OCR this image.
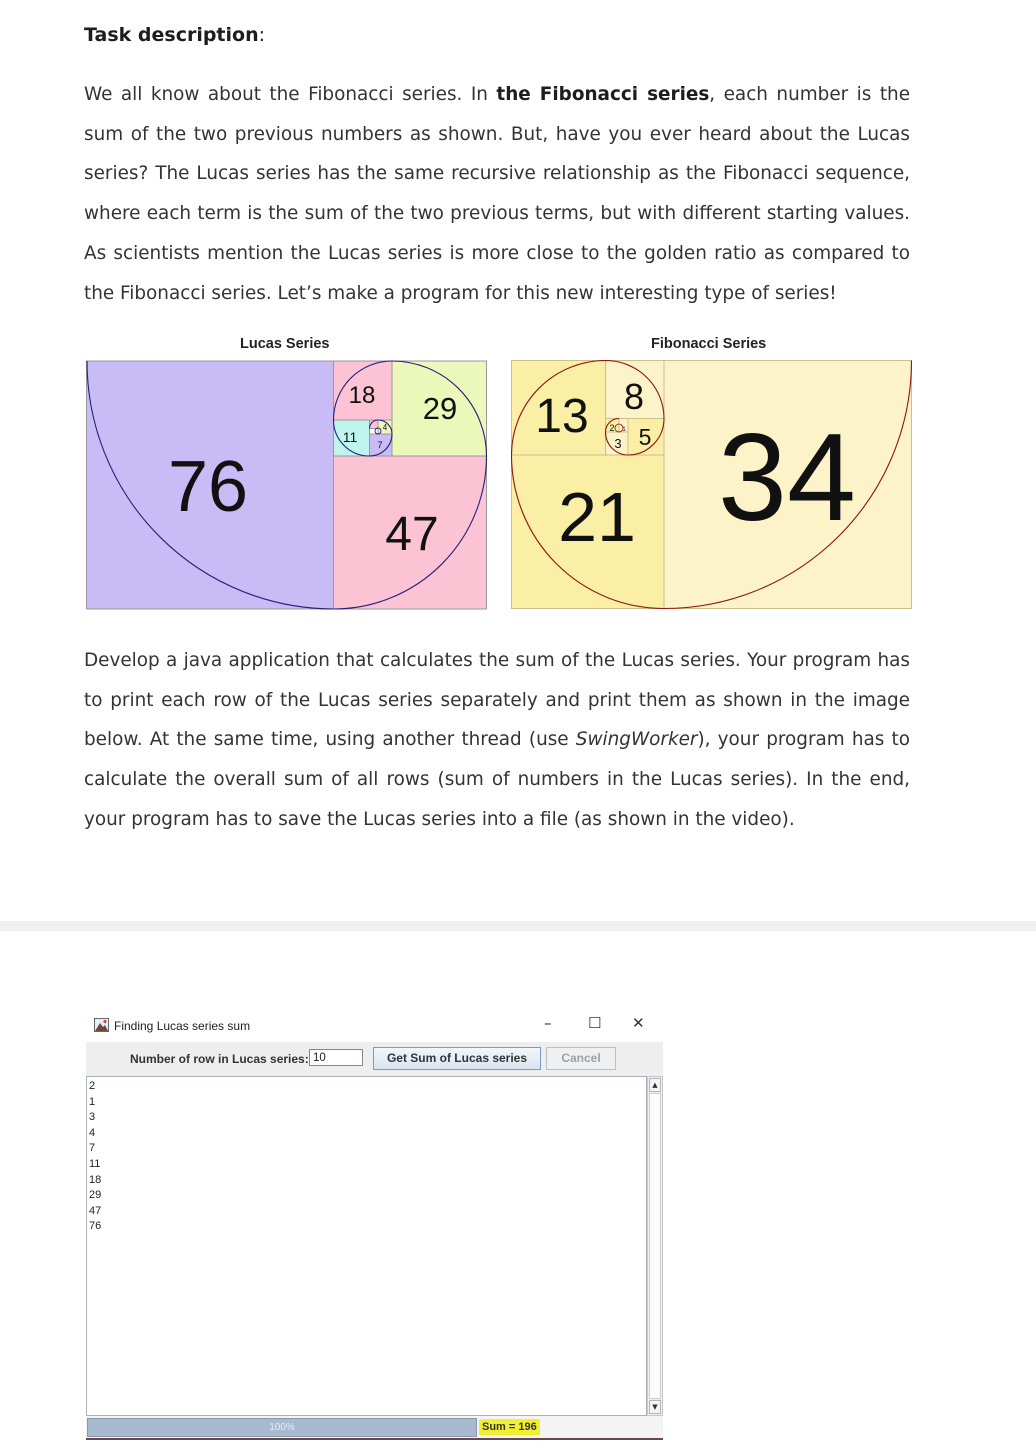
Task description:

We all know about the Fibonacci series. In the Fibonacci series, each number is the sum of the two previous numbers as shown. But, have you ever heard about the Lucas series? The Lucas series has the same recursive relationship as the Fibonacci sequence, where each term is the sum of the two previous terms, but with different starting values. As scientists mention the Lucas series is more close to the golden ratio as compared to the Fibonacci series. Let’s make a program for this new interesting type of series!

Lucas Series	Fibonacci Series
76
47
29
18
11 7
4	34
21
13 8
5
3
2 1

Develop a java application that calculates the sum of the Lucas series. Your program has to print each row of the Lucas series separately and print them as shown in the image below. At the same time, using another thread (use SwingWorker), your program has to calculate the overall sum of all rows (sum of numbers in the Lucas series). In the end, your program has to save the Lucas series into a file (as shown in the video).

Finding Lucas series sum	– ☐ ✕
Number of row in Lucas series: 10	Get Sum of Lucas series	Cancel
2
1
3
4
7
11
18
29
47
76
▲
▼
100%	Sum = 196
